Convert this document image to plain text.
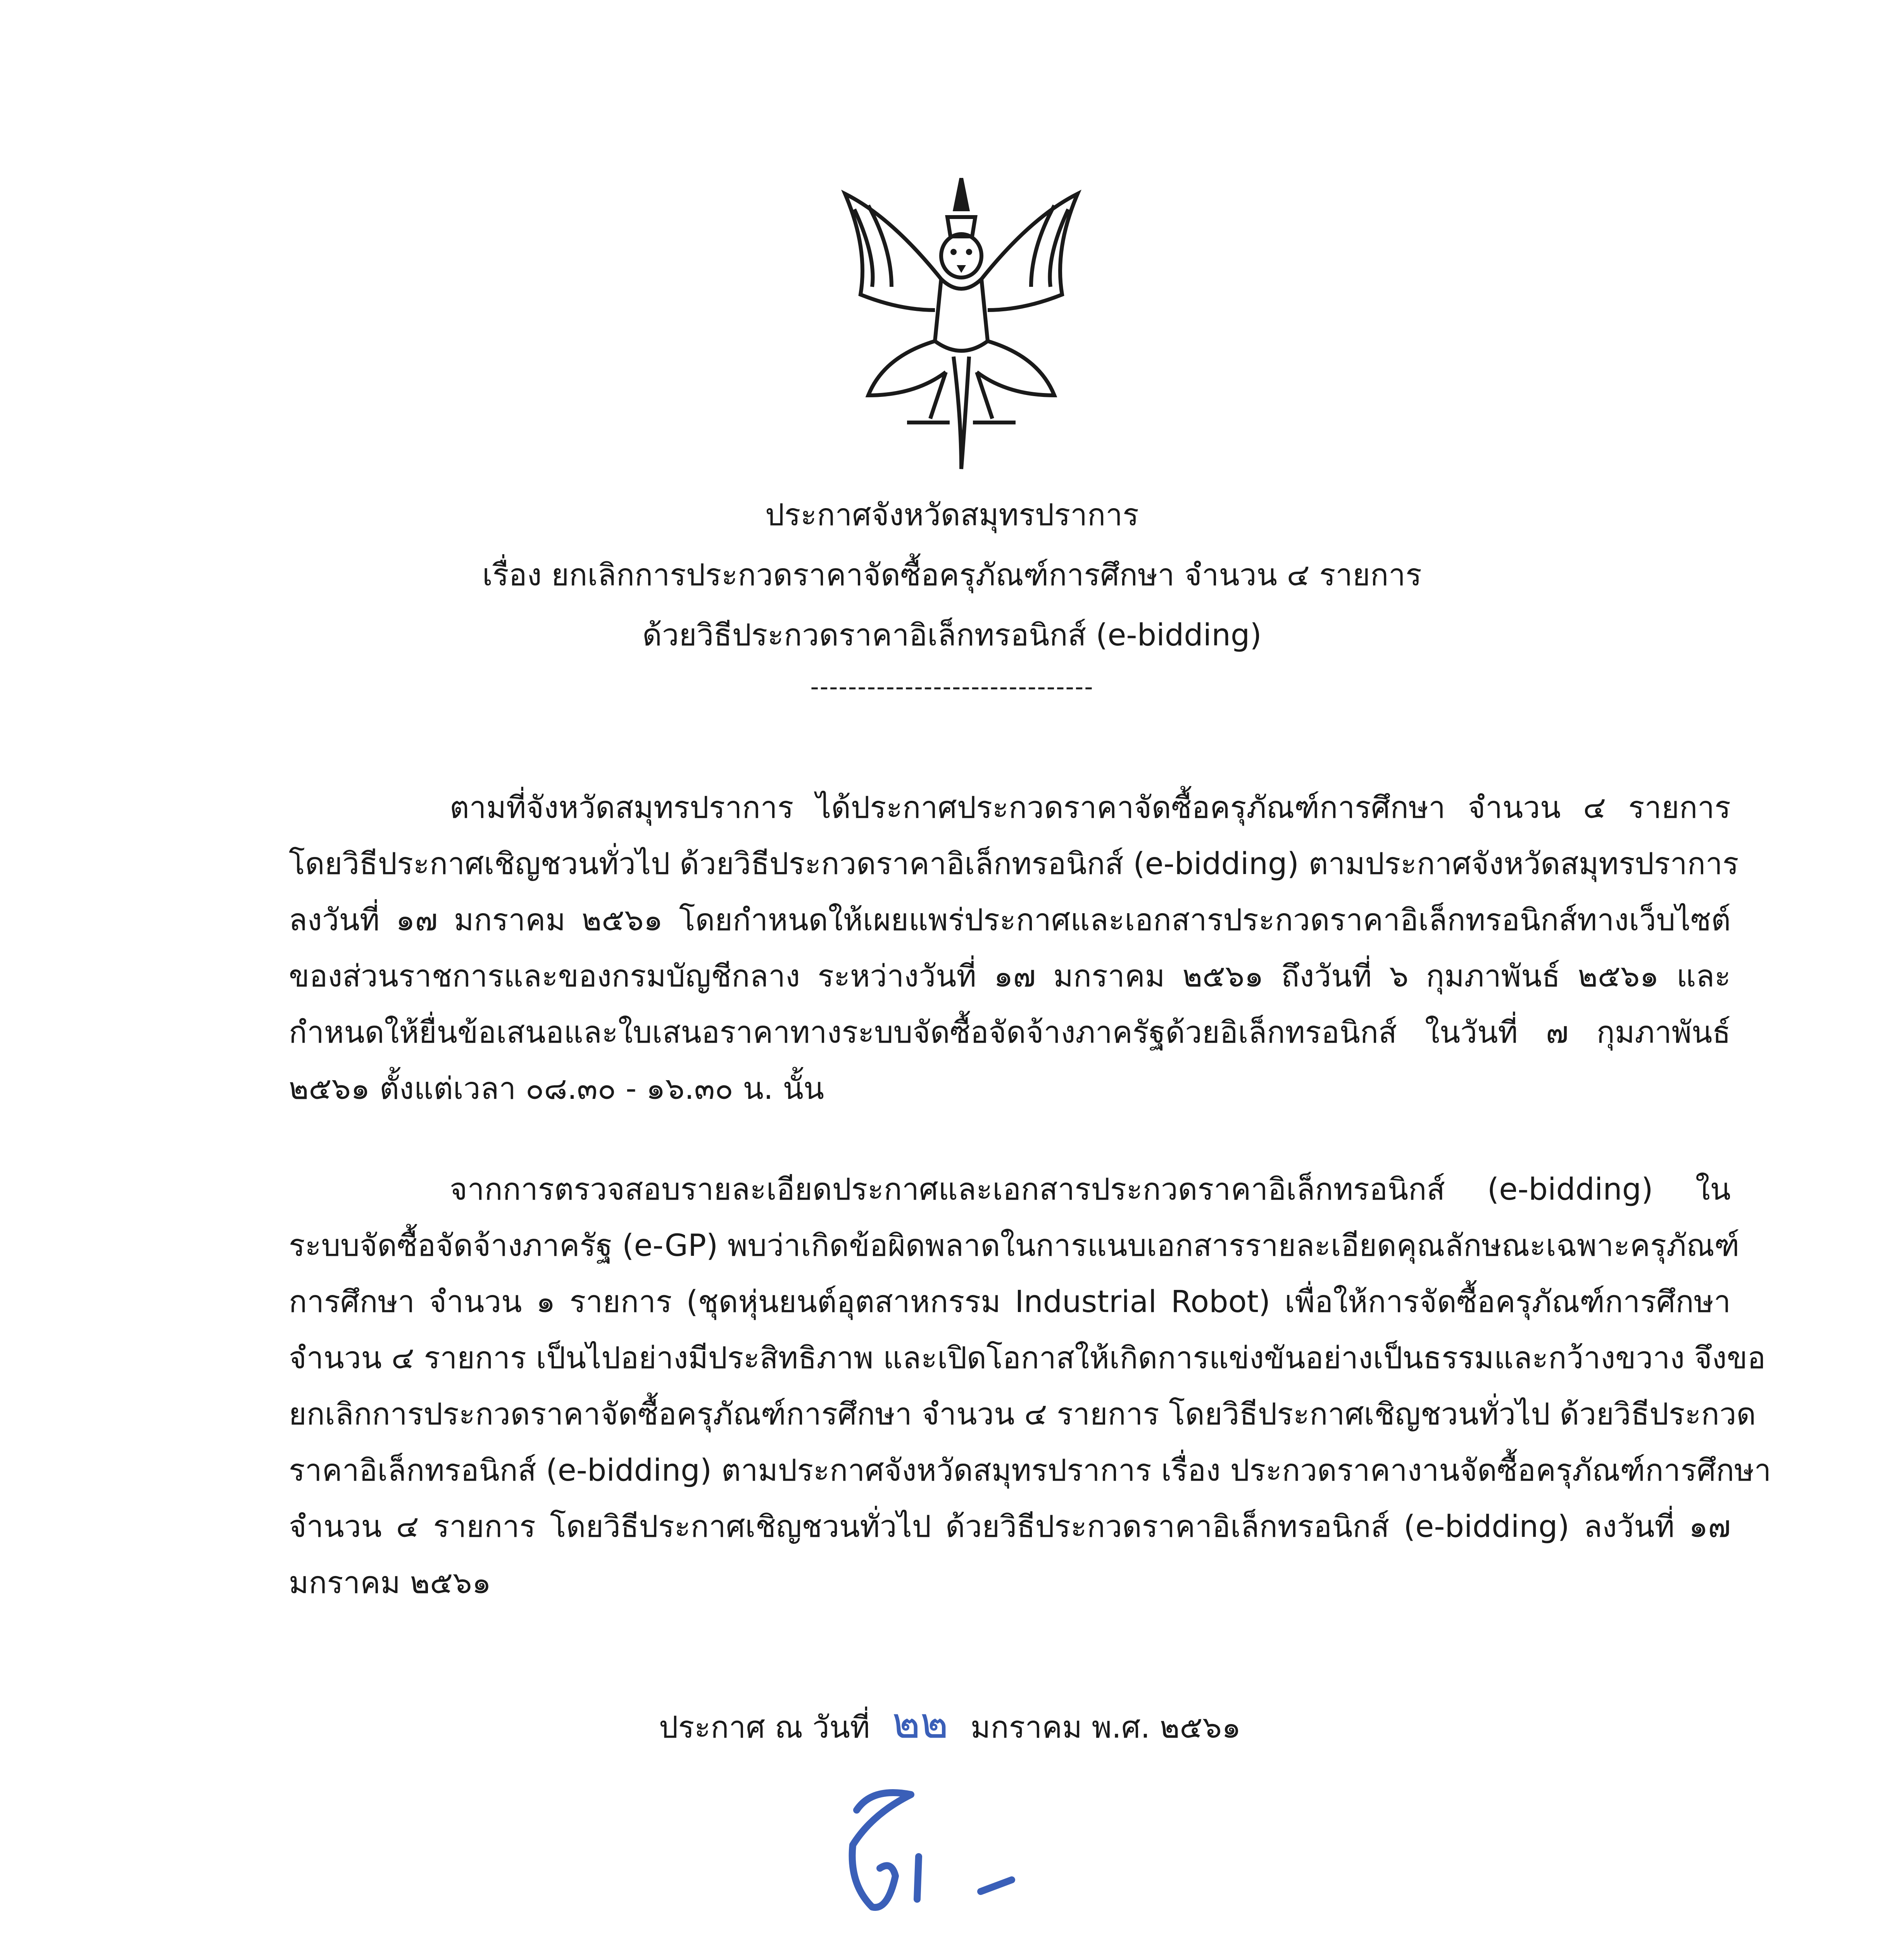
ประกาศจังหวัดสมุทรปราการ
เรื่อง ยกเลิกการประกวดราคาจัดซื้อครุภัณฑ์การศึกษา จำนวน ๔ รายการ
ด้วยวิธีประกวดราคาอิเล็กทรอนิกส์ (e-bidding)
------------------------------
ตามที่จังหวัดสมุทรปราการ ได้ประกาศประกวดราคาจัดซื้อครุภัณฑ์การศึกษา จำนวน ๔ รายการ
โดยวิธีประกาศเชิญชวนทั่วไป ด้วยวิธีประกวดราคาอิเล็กทรอนิกส์ (e-bidding) ตามประกาศจังหวัดสมุทรปราการ
ลงวันที่ ๑๗ มกราคม ๒๕๖๑ โดยกำหนดให้เผยแพร่ประกาศและเอกสารประกวดราคาอิเล็กทรอนิกส์ทางเว็บไซต์
ของส่วนราชการและของกรมบัญชีกลาง ระหว่างวันที่ ๑๗ มกราคม ๒๕๖๑ ถึงวันที่ ๖ กุมภาพันธ์ ๒๕๖๑ และ
กำหนดให้ยื่นข้อเสนอและใบเสนอราคาทางระบบจัดซื้อจัดจ้างภาครัฐด้วยอิเล็กทรอนิกส์ ในวันที่ ๗ กุมภาพันธ์
๒๕๖๑ ตั้งแต่เวลา ๐๘.๓๐ - ๑๖.๓๐ น. นั้น
จากการตรวจสอบรายละเอียดประกาศและเอกสารประกวดราคาอิเล็กทรอนิกส์ (e-bidding) ใน
ระบบจัดซื้อจัดจ้างภาครัฐ (e-GP) พบว่าเกิดข้อผิดพลาดในการแนบเอกสารรายละเอียดคุณลักษณะเฉพาะครุภัณฑ์
การศึกษา จำนวน ๑ รายการ (ชุดหุ่นยนต์อุตสาหกรรม Industrial Robot) เพื่อให้การจัดซื้อครุภัณฑ์การศึกษา
จำนวน ๔ รายการ เป็นไปอย่างมีประสิทธิภาพ และเปิดโอกาสให้เกิดการแข่งขันอย่างเป็นธรรมและกว้างขวาง จึงขอ
ยกเลิกการประกวดราคาจัดซื้อครุภัณฑ์การศึกษา จำนวน ๔ รายการ โดยวิธีประกาศเชิญชวนทั่วไป ด้วยวิธีประกวด
ราคาอิเล็กทรอนิกส์ (e-bidding) ตามประกาศจังหวัดสมุทรปราการ เรื่อง ประกวดราคางานจัดซื้อครุภัณฑ์การศึกษา
จำนวน ๔ รายการ โดยวิธีประกาศเชิญชวนทั่วไป ด้วยวิธีประกวดราคาอิเล็กทรอนิกส์ (e-bidding) ลงวันที่ ๑๗
มกราคม ๒๕๖๑
ประกาศ ณ วันที่ ๒๒ มกราคม พ.ศ. ๒๕๖๑
